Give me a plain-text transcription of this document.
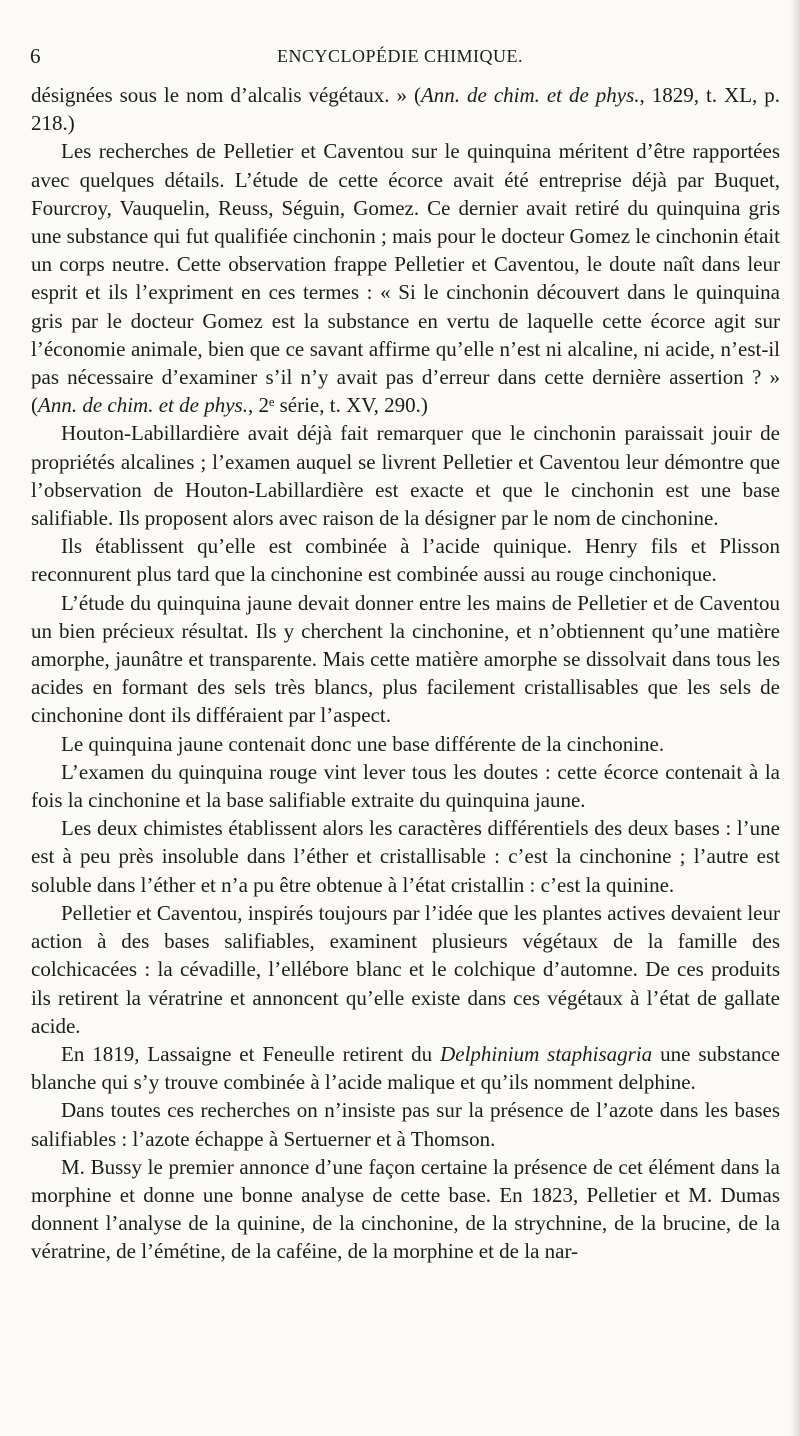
6	ENCYCLOPÉDIE CHIMIQUE.

désignées sous le nom d’alcalis végétaux. » (Ann. de chim. et de phys., 1829, t. XL, p. 218.)

Les recherches de Pelletier et Caventou sur le quinquina méritent d’être rapportées avec quelques détails. L’étude de cette écorce avait été entreprise déjà par Buquet, Fourcroy, Vauquelin, Reuss, Séguin, Gomez. Ce dernier avait retiré du quinquina gris une substance qui fut qualifiée cinchonin ; mais pour le docteur Gomez le cinchonin était un corps neutre. Cette observation frappe Pelletier et Caventou, le doute naît dans leur esprit et ils l’expriment en ces termes : « Si le cinchonin découvert dans le quinquina gris par le docteur Gomez est la substance en vertu de laquelle cette écorce agit sur l’économie animale, bien que ce savant affirme qu’elle n’est ni alcaline, ni acide, n’est-il pas nécessaire d’examiner s’il n’y avait pas d’erreur dans cette dernière assertion ? » (Ann. de chim. et de phys., 2ᵉ série, t. XV, 290.)

Houton-Labillardière avait déjà fait remarquer que le cinchonin paraissait jouir de propriétés alcalines ; l’examen auquel se livrent Pelletier et Caventou leur démontre que l’observation de Houton-Labillardière est exacte et que le cinchonin est une base salifiable. Ils proposent alors avec raison de la désigner par le nom de cinchonine.

Ils établissent qu’elle est combinée à l’acide quinique. Henry fils et Plisson reconnurent plus tard que la cinchonine est combinée aussi au rouge cinchonique.

L’étude du quinquina jaune devait donner entre les mains de Pelletier et de Caventou un bien précieux résultat. Ils y cherchent la cinchonine, et n’obtiennent qu’une matière amorphe, jaunâtre et transparente. Mais cette matière amorphe se dissolvait dans tous les acides en formant des sels très blancs, plus facilement cristallisables que les sels de cinchonine dont ils différaient par l’aspect.

Le quinquina jaune contenait donc une base différente de la cinchonine.

L’examen du quinquina rouge vint lever tous les doutes : cette écorce contenait à la fois la cinchonine et la base salifiable extraite du quinquina jaune.

Les deux chimistes établissent alors les caractères différentiels des deux bases : l’une est à peu près insoluble dans l’éther et cristallisable : c’est la cinchonine ; l’autre est soluble dans l’éther et n’a pu être obtenue à l’état cristallin : c’est la quinine.

Pelletier et Caventou, inspirés toujours par l’idée que les plantes actives devaient leur action à des bases salifiables, examinent plusieurs végétaux de la famille des colchicacées : la cévadille, l’ellébore blanc et le colchique d’automne. De ces produits ils retirent la vératrine et annoncent qu’elle existe dans ces végétaux à l’état de gallate acide.

En 1819, Lassaigne et Feneulle retirent du Delphinium staphisagria une substance blanche qui s’y trouve combinée à l’acide malique et qu’ils nomment delphine.

Dans toutes ces recherches on n’insiste pas sur la présence de l’azote dans les bases salifiables : l’azote échappe à Sertuerner et à Thomson.

M. Bussy le premier annonce d’une façon certaine la présence de cet élément dans la morphine et donne une bonne analyse de cette base. En 1823, Pelletier et M. Dumas donnent l’analyse de la quinine, de la cinchonine, de la strychnine, de la brucine, de la vératrine, de l’émétine, de la caféine, de la morphine et de la nar-
